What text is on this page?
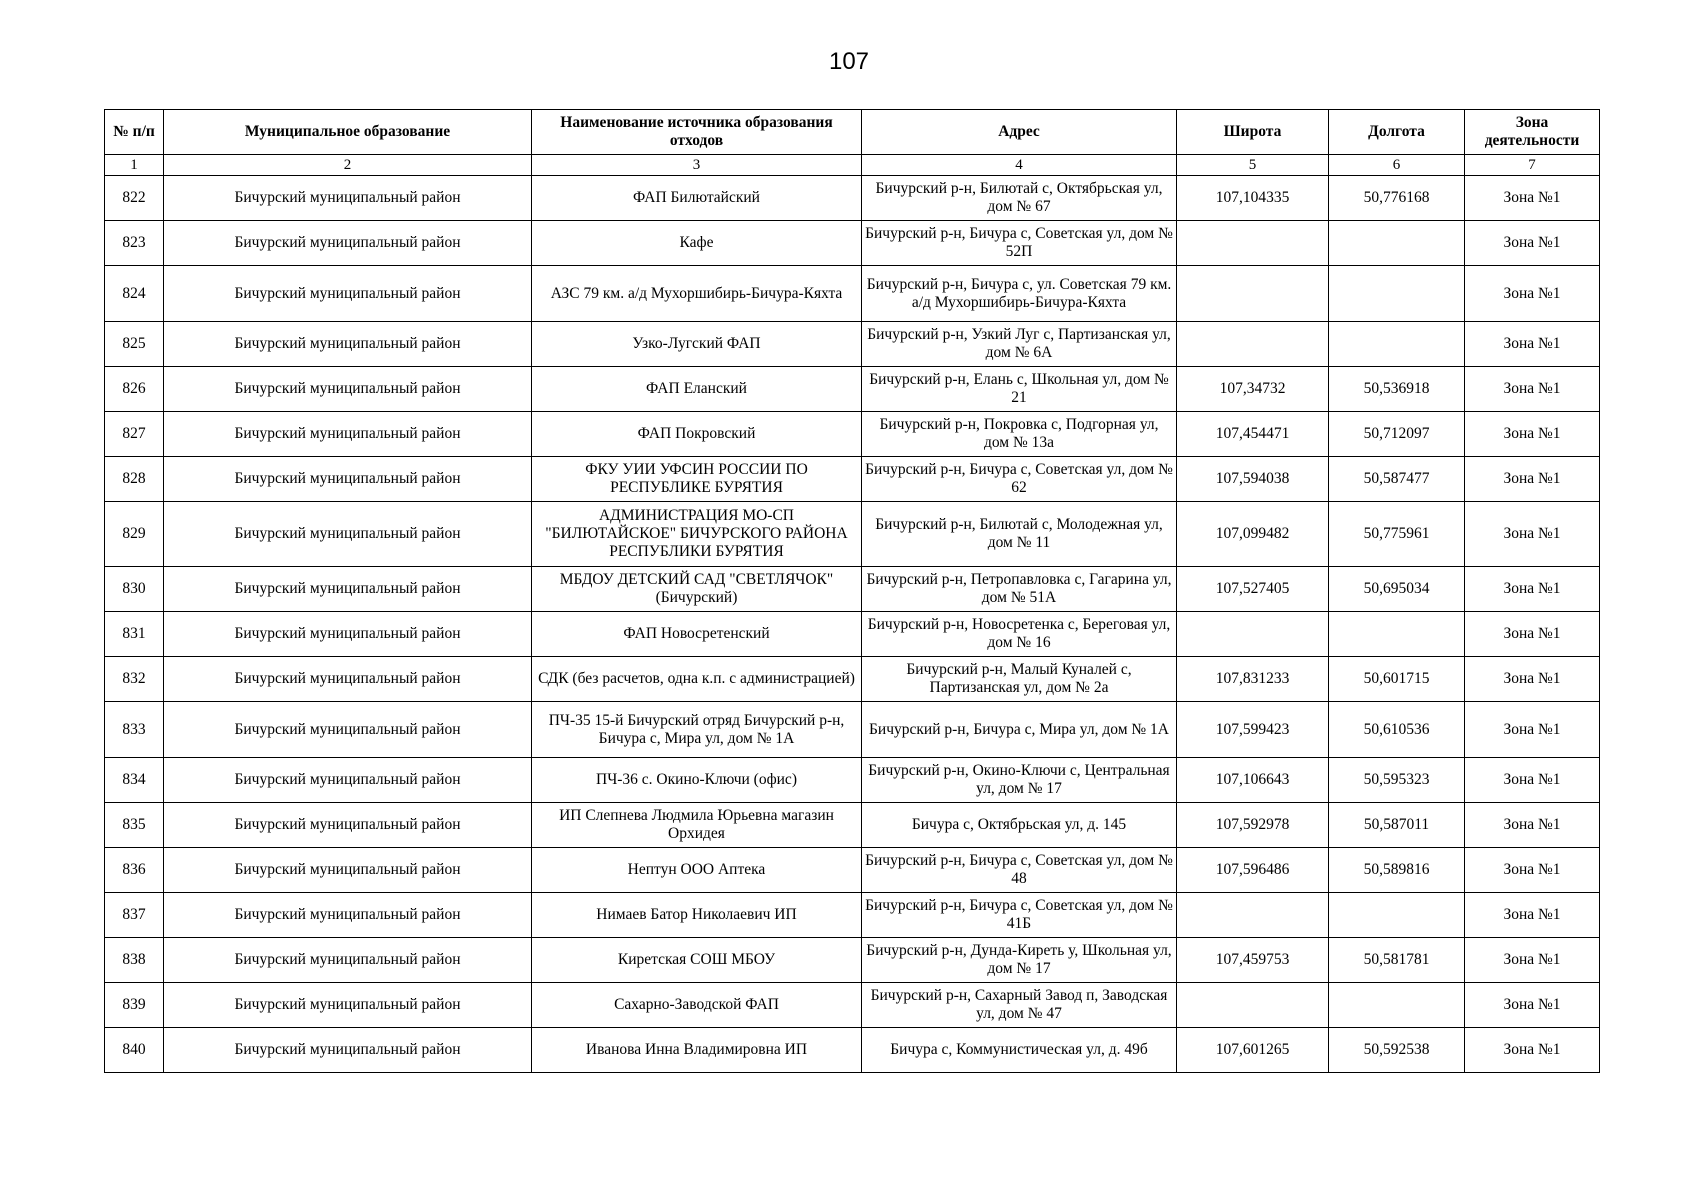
107
№ п/п	Муниципальное образование	Наименование источника образования отходов	Адрес	Широта	Долгота	Зона деятельности
1	2	3	4	5	6	7
822	Бичурский муниципальный район	ФАП Билютайский	Бичурский р-н, Билютай с, Октябрьская ул, дом № 67	107,104335	50,776168	Зона №1
823	Бичурский муниципальный район	Кафе	Бичурский р-н, Бичура с, Советская ул, дом № 52П			Зона №1
824	Бичурский муниципальный район	АЗС 79 км. а/д Мухоршибирь-Бичура-Кяхта	Бичурский р-н, Бичура с, ул. Советская 79 км. а/д Мухоршибирь-Бичура-Кяхта			Зона №1
825	Бичурский муниципальный район	Узко-Лугский ФАП	Бичурский р-н, Узкий Луг с, Партизанская ул, дом № 6А			Зона №1
826	Бичурский муниципальный район	ФАП Еланский	Бичурский р-н, Елань с, Школьная ул, дом № 21	107,34732	50,536918	Зона №1
827	Бичурский муниципальный район	ФАП Покровский	Бичурский р-н, Покровка с, Подгорная ул, дом № 13а	107,454471	50,712097	Зона №1
828	Бичурский муниципальный район	ФКУ УИИ УФСИН РОССИИ ПО РЕСПУБЛИКЕ БУРЯТИЯ	Бичурский р-н, Бичура с, Советская ул, дом № 62	107,594038	50,587477	Зона №1
829	Бичурский муниципальный район	АДМИНИСТРАЦИЯ МО-СП "БИЛЮТАЙСКОЕ" БИЧУРСКОГО РАЙОНА РЕСПУБЛИКИ БУРЯТИЯ	Бичурский р-н, Билютай с, Молодежная ул, дом № 11	107,099482	50,775961	Зона №1
830	Бичурский муниципальный район	МБДОУ ДЕТСКИЙ САД "СВЕТЛЯЧОК" (Бичурский)	Бичурский р-н, Петропавловка с, Гагарина ул, дом № 51А	107,527405	50,695034	Зона №1
831	Бичурский муниципальный район	ФАП Новосретенский	Бичурский р-н, Новосретенка с, Береговая ул, дом № 16			Зона №1
832	Бичурский муниципальный район	СДК (без расчетов, одна к.п. с администрацией)	Бичурский р-н, Малый Куналей с, Партизанская ул, дом № 2а	107,831233	50,601715	Зона №1
833	Бичурский муниципальный район	ПЧ-35 15-й Бичурский отряд Бичурский р-н, Бичура с, Мира ул, дом № 1А	Бичурский р-н, Бичура с, Мира ул, дом № 1А	107,599423	50,610536	Зона №1
834	Бичурский муниципальный район	ПЧ-36 с. Окино-Ключи (офис)	Бичурский р-н, Окино-Ключи с, Центральная ул, дом № 17	107,106643	50,595323	Зона №1
835	Бичурский муниципальный район	ИП Слепнева Людмила Юрьевна магазин Орхидея	Бичура с, Октябрьская ул, д. 145	107,592978	50,587011	Зона №1
836	Бичурский муниципальный район	Нептун ООО Аптека	Бичурский р-н, Бичура с, Советская ул, дом № 48	107,596486	50,589816	Зона №1
837	Бичурский муниципальный район	Нимаев Батор Николаевич ИП	Бичурский р-н, Бичура с, Советская ул, дом № 41Б			Зона №1
838	Бичурский муниципальный район	Киретская СОШ МБОУ	Бичурский р-н, Дунда-Киреть у, Школьная ул, дом № 17	107,459753	50,581781	Зона №1
839	Бичурский муниципальный район	Сахарно-Заводской ФАП	Бичурский р-н, Сахарный Завод п, Заводская ул, дом № 47			Зона №1
840	Бичурский муниципальный район	Иванова Инна Владимировна ИП	Бичура с, Коммунистическая ул, д. 49б	107,601265	50,592538	Зона №1
